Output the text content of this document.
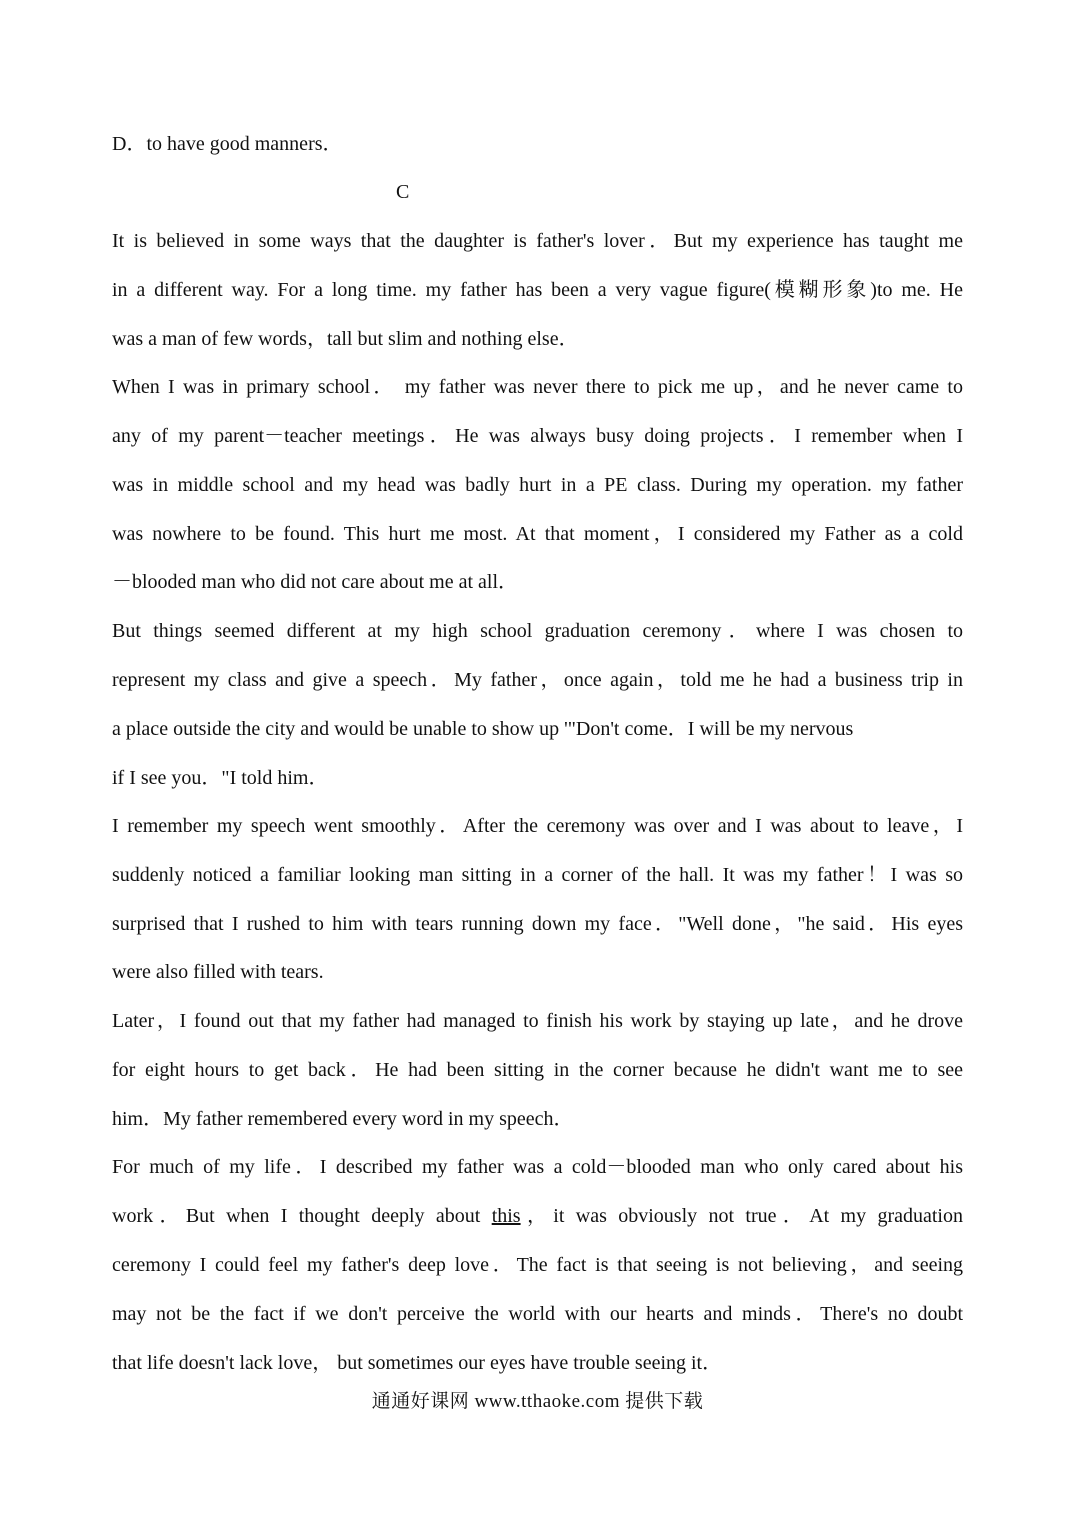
D．to have good manners．
C
It is believed in some ways that the daughter is father's lover．But my experience has taught me
in a different way. For a long time. my father has been a very vague figure(模糊形象)to me. He
was a man of few words，tall but slim and nothing else．
When I was in primary school． my father was never there to pick me up，and he never came to
any of my parent－teacher meetings．He was always busy doing projects．I remember when I
was in middle school and my head was badly hurt in a PE class. During my operation. my father
was nowhere to be found. This hurt me most. At that moment，I considered my Father as a cold
－blooded man who did not care about me at all．
But things seemed different at my high school graduation ceremony．where I was chosen to
represent my class and give a speech．My father，once again，told me he had a business trip in
a place outside the city and would be unable to show up '"Don't come．I will be my nervous
if I see you．"I told him．
I remember my speech went smoothly．After the ceremony was over and I was about to leave，I
suddenly noticed a familiar looking man sitting in a corner of the hall. It was my father！I was so
surprised that I rushed to him with tears running down my face．"Well done，"he said．His eyes
were also filled with tears.
Later，I found out that my father had managed to finish his work by staying up late，and he drove
for eight hours to get back．He had been sitting in the corner because he didn't want me to see
him．My father remembered every word in my speech．
For much of my life．I described my father was a cold－blooded man who only cared about his
work．But when I thought deeply about this，it was obviously not true．At my graduation
ceremony I could feel my father's deep love．The fact is that seeing is not believing，and seeing
may not be the fact if we don't perceive the world with our hearts and minds．There's no doubt
that life doesn't lack love， but sometimes our eyes have trouble seeing it．
通通好课网 www.tthaoke.com 提供下载
